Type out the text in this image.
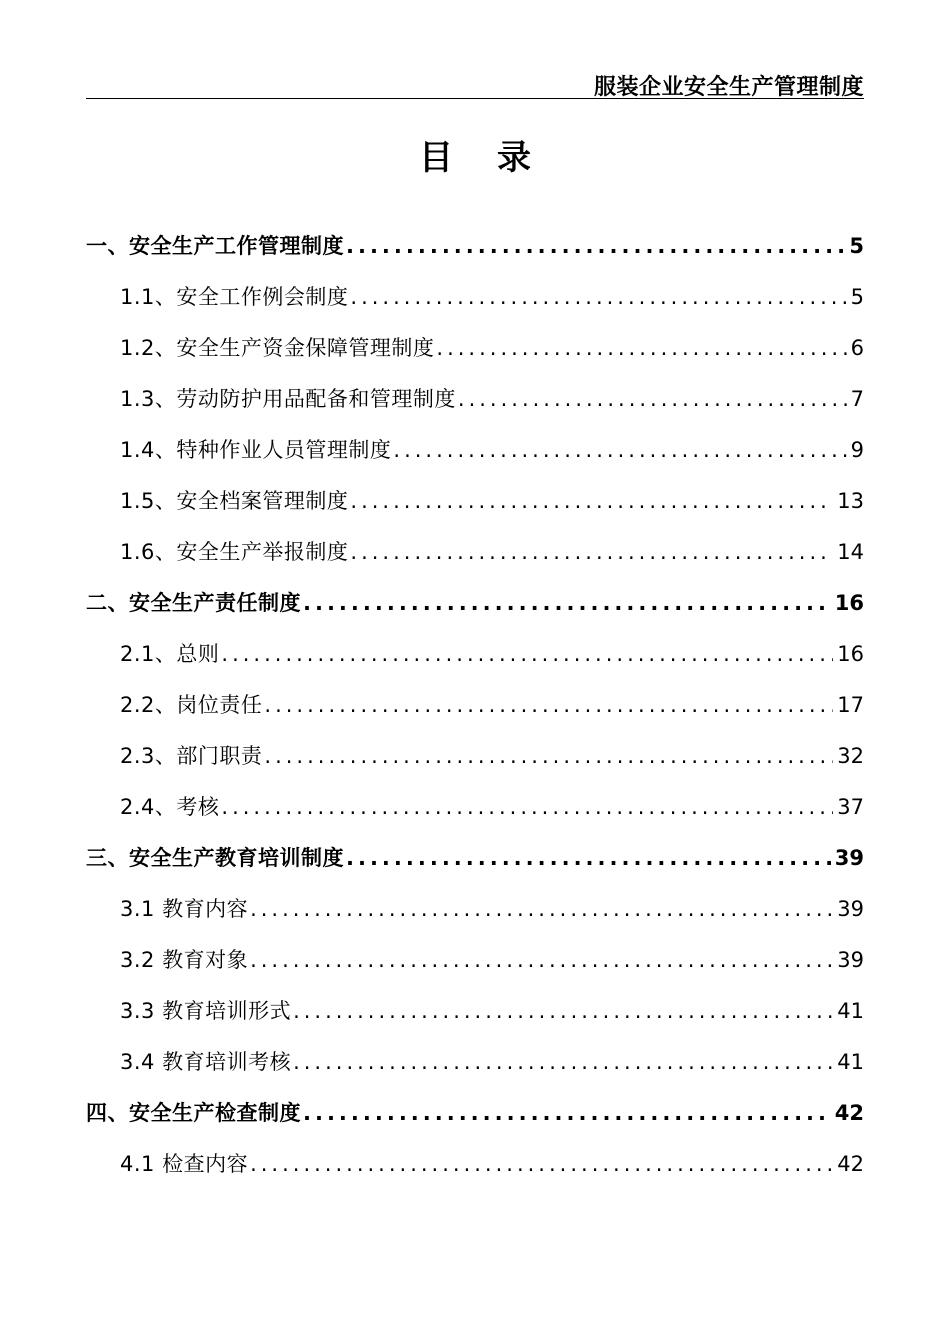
服装企业安全生产管理制度
目录
一、安全生产工作管理制度 .....	5
1.1、安全工作例会制度 .....	5
1.2、安全生产资金保障管理制度 .....	6
1.3、劳动防护用品配备和管理制度 .....	7
1.4、特种作业人员管理制度 .....	9
1.5、安全档案管理制度 .....	13
1.6、安全生产举报制度 .....	14
二、安全生产责任制度 .....	16
2.1、总则 .....	16
2.2、岗位责任 .....	17
2.3、部门职责 .....	32
2.4、考核 .....	37
三、安全生产教育培训制度 .....	39
3.1 教育内容 .....	39
3.2 教育对象 .....	39
3.3 教育培训形式 .....	41
3.4 教育培训考核 .....	41
四、安全生产检查制度 .....	42
4.1 检查内容 .....	42
